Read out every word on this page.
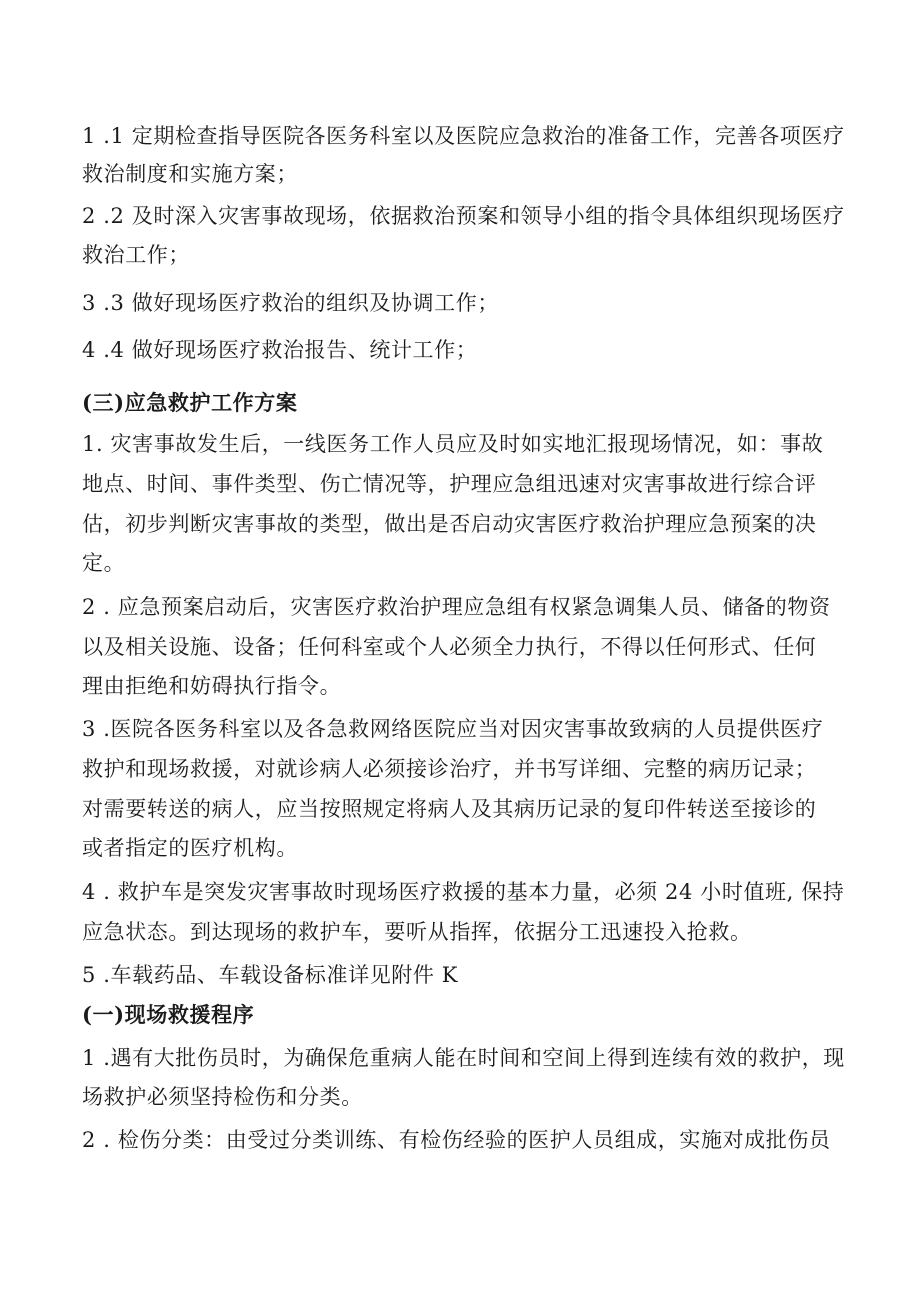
1 .1 定期检查指导医院各医务科室以及医院应急救治的准备工作，完善各项医疗
救治制度和实施方案；
2 .2 及时深入灾害事故现场，依据救治预案和领导小组的指令具体组织现场医疗
救治工作；
3 .3 做好现场医疗救治的组织及协调工作；
4 .4 做好现场医疗救治报告、统计工作；
(三)应急救护工作方案
1. 灾害事故发生后，一线医务工作人员应及时如实地汇报现场情况，如：事故
地点、时间、事件类型、伤亡情况等，护理应急组迅速对灾害事故进行综合评
估，初步判断灾害事故的类型，做出是否启动灾害医疗救治护理应急预案的决
定。
2 . 应急预案启动后，灾害医疗救治护理应急组有权紧急调集人员、储备的物资
以及相关设施、设备；任何科室或个人必须全力执行，不得以任何形式、任何
理由拒绝和妨碍执行指令。
3 .医院各医务科室以及各急救网络医院应当对因灾害事故致病的人员提供医疗
救护和现场救援，对就诊病人必须接诊治疗，并书写详细、完整的病历记录；
对需要转送的病人，应当按照规定将病人及其病历记录的复印件转送至接诊的
或者指定的医疗机构。
4 . 救护车是突发灾害事故时现场医疗救援的基本力量，必须 24 小时值班, 保持
应急状态。到达现场的救护车，要听从指挥，依据分工迅速投入抢救。
5 .车载药品、车载设备标准详见附件 K
(一)现场救援程序
1 .遇有大批伤员时，为确保危重病人能在时间和空间上得到连续有效的救护，现
场救护必须坚持检伤和分类。
2 . 检伤分类：由受过分类训练、有检伤经验的医护人员组成，实施对成批伤员
